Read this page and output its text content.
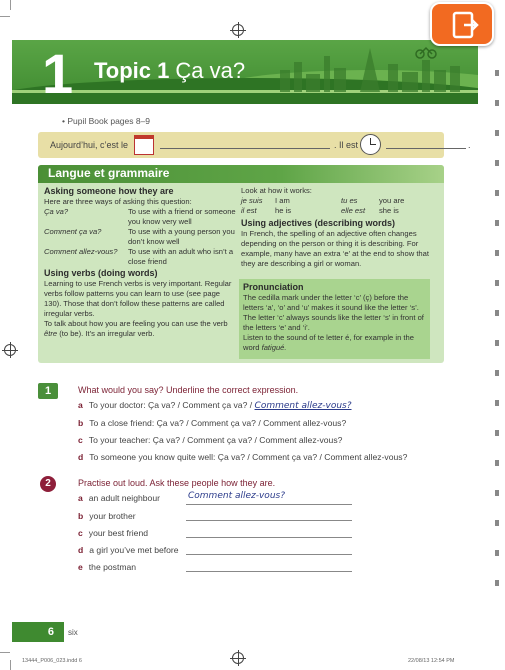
1 Topic 1 Ça va?
• Pupil Book pages 8–9
Aujourd’hui, c’est le	. Il est	.
Langue et grammaire
Asking someone how they are
Here are three ways of asking this question:
Ça va?	To use with a friend or someone you know very well
Comment ça va?	To use with a young person you don’t know well
Comment allez-vous?	To use with an adult who isn’t a close friend
Using verbs (doing words)
Learning to use French verbs is very important. Regular verbs follow patterns you can learn to use (see page 130). Those that don’t follow these patterns are called irregular verbs.
To talk about how you are feeling you can use the verb être (to be). It’s an irregular verb.
Look at how it works:
je suis	I am	tu es	you are
il est	he is	elle est	she is
Using adjectives (describing words)
In French, the spelling of an adjective often changes depending on the person or thing it is describing. For example, many have an extra ‘e’ at the end to show that they are describing a girl or woman.
Pronunciation
The cedilla mark under the letter ‘c’ (ç) before the letters ‘a’, ‘o’ and ‘u’ makes it sound like the letter ‘s’. The letter ‘c’ always sounds like the letter ‘s’ in front of the letters ‘e’ and ‘i’.
Listen to the sound of te letter é, for example in the word fatigué.
1	What would you say? Underline the correct expression.
a To your doctor: Ça va? / Comment ça va? / Comment allez-vous?
b To a close friend: Ça va? / Comment ça va? / Comment allez-vous?
c To your teacher: Ça va? / Comment ça va? / Comment allez-vous?
d To someone you know quite well: Ça va? / Comment ça va? / Comment allez-vous?
2	Practise out loud. Ask these people how they are.
a an adult neighbour	Comment allez-vous?
b your brother
c your best friend
d a girl you’ve met before
e the postman
6	six
13444_P006_023.indd 6	22/08/13 12:54 PM
